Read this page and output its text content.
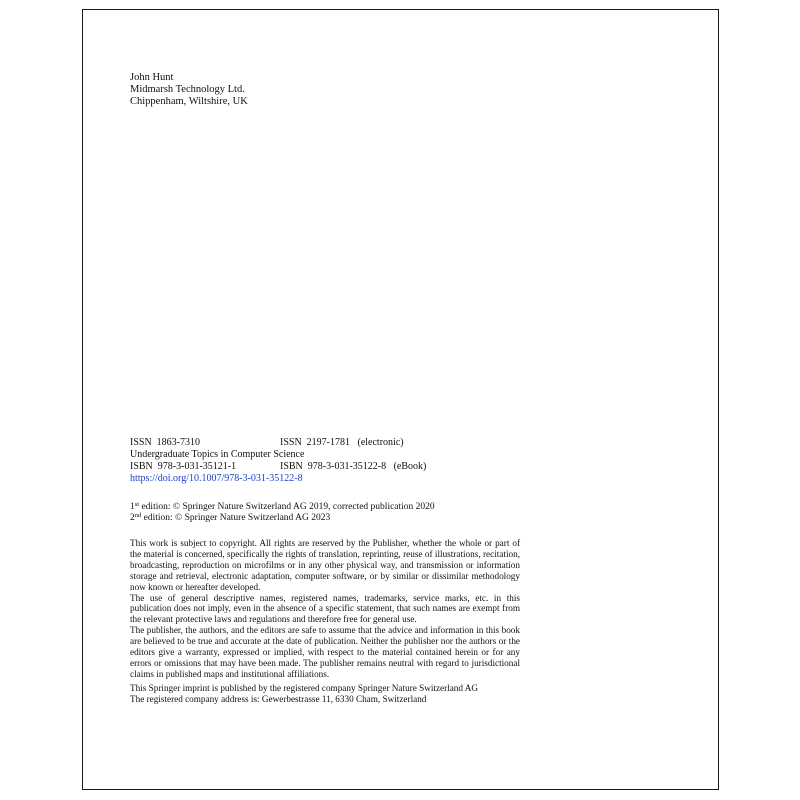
John Hunt
Midmarsh Technology Ltd.
Chippenham, Wiltshire, UK
ISSN  1863-7310	ISSN  2197-1781   (electronic)
Undergraduate Topics in Computer Science
ISBN  978-3-031-35121-1	ISBN  978-3-031-35122-8   (eBook)
https://doi.org/10.1007/978-3-031-35122-8
1st edition: © Springer Nature Switzerland AG 2019, corrected publication 2020
2nd edition: © Springer Nature Switzerland AG 2023

This work is subject to copyright. All rights are reserved by the Publisher, whether the whole or part of the material is concerned, specifically the rights of translation, reprinting, reuse of illustrations, recitation, broadcasting, reproduction on microfilms or in any other physical way, and transmission or information storage and retrieval, electronic adaptation, computer software, or by similar or dissimilar methodology now known or hereafter developed.

The use of general descriptive names, registered names, trademarks, service marks, etc. in this publication does not imply, even in the absence of a specific statement, that such names are exempt from the relevant protective laws and regulations and therefore free for general use.

The publisher, the authors, and the editors are safe to assume that the advice and information in this book are believed to be true and accurate at the date of publication. Neither the publisher nor the authors or the editors give a warranty, expressed or implied, with respect to the material contained herein or for any errors or omissions that may have been made. The publisher remains neutral with regard to jurisdictional claims in published maps and institutional affiliations.

This Springer imprint is published by the registered company Springer Nature Switzerland AG
The registered company address is: Gewerbestrasse 11, 6330 Cham, Switzerland
